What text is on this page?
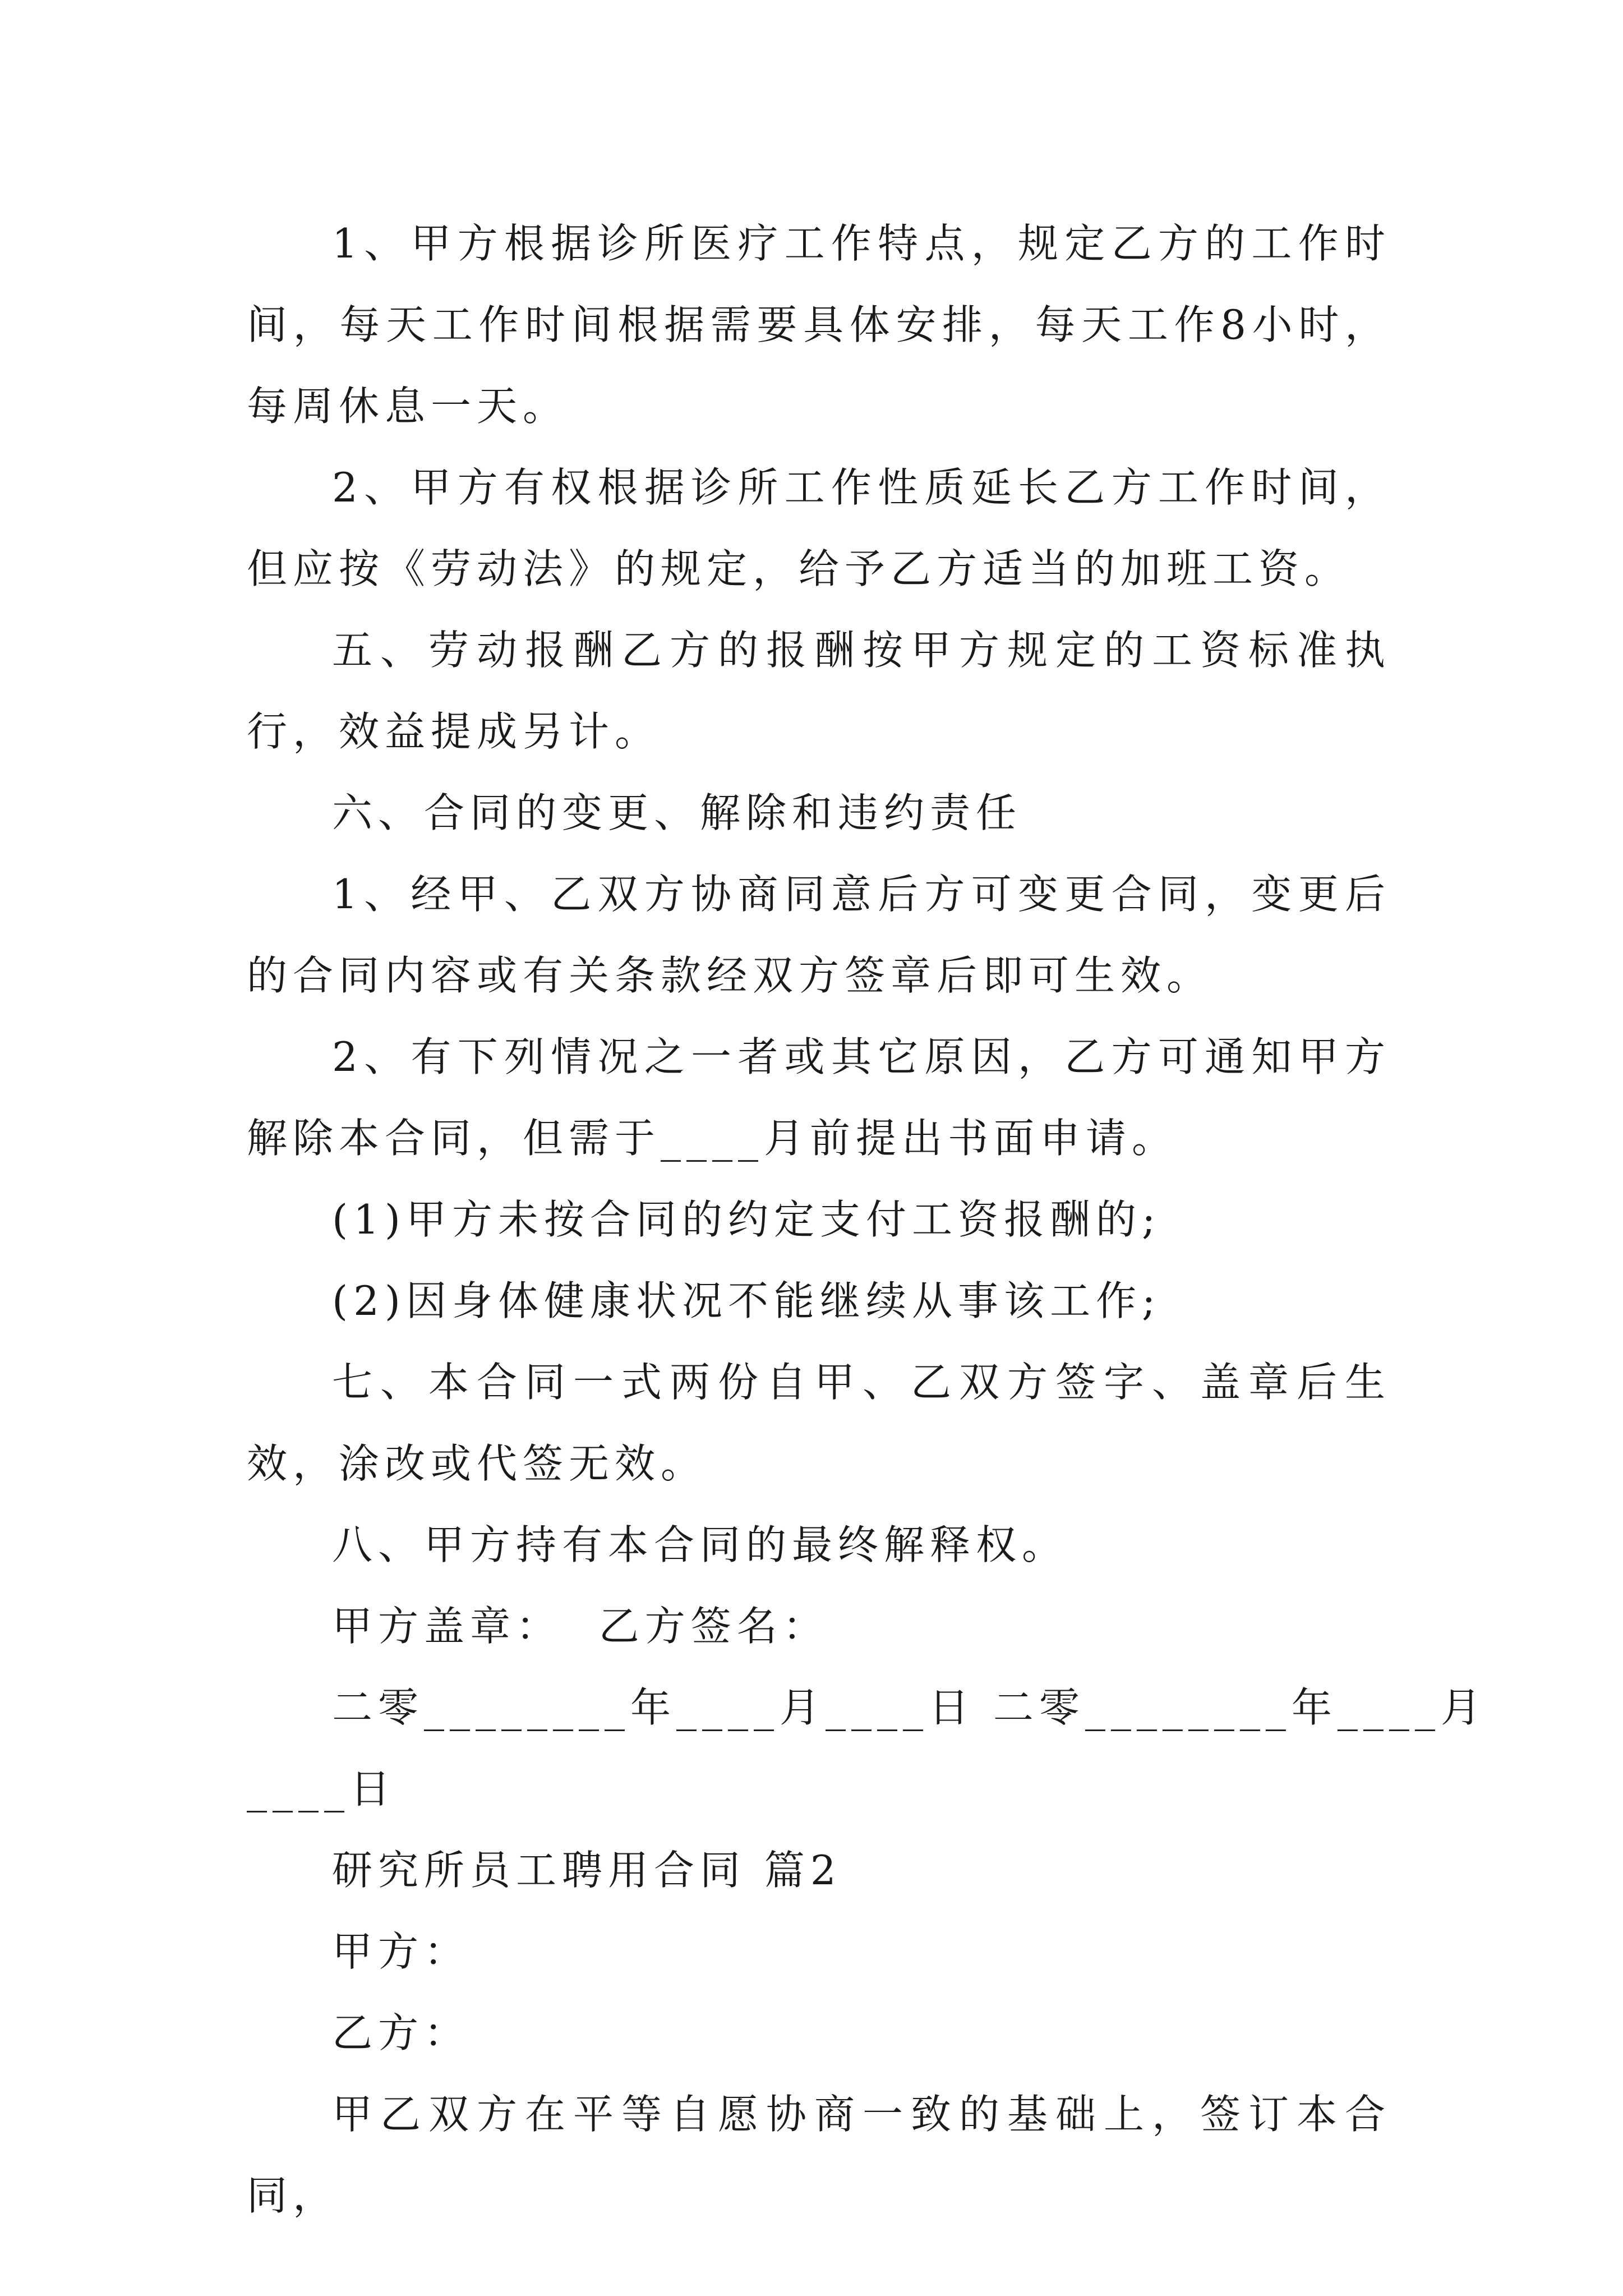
1、甲方根据诊所医疗工作特点，规定乙方的工作时间，每天工作时间根据需要具体安排，每天工作8小时，每周休息一天。

2、甲方有权根据诊所工作性质延长乙方工作时间，但应按《劳动法》的规定，给予乙方适当的加班工资。

五、劳动报酬乙方的报酬按甲方规定的工资标准执行，效益提成另计。

六、合同的变更、解除和违约责任

1、经甲、乙双方协商同意后方可变更合同，变更后的合同内容或有关条款经双方签章后即可生效。

2、有下列情况之一者或其它原因，乙方可通知甲方解除本合同，但需于____月前提出书面申请。

(1)甲方未按合同的约定支付工资报酬的;

(2)因身体健康状况不能继续从事该工作;

七、本合同一式两份自甲、乙双方签字、盖章后生效，涂改或代签无效。

八、甲方持有本合同的最终解释权。

甲方盖章：  乙方签名：

二零________年____月____日 二零________年____月

____日

研究所员工聘用合同 篇2

甲方：

乙方：

甲乙双方在平等自愿协商一致的基础上，签订本合同，
